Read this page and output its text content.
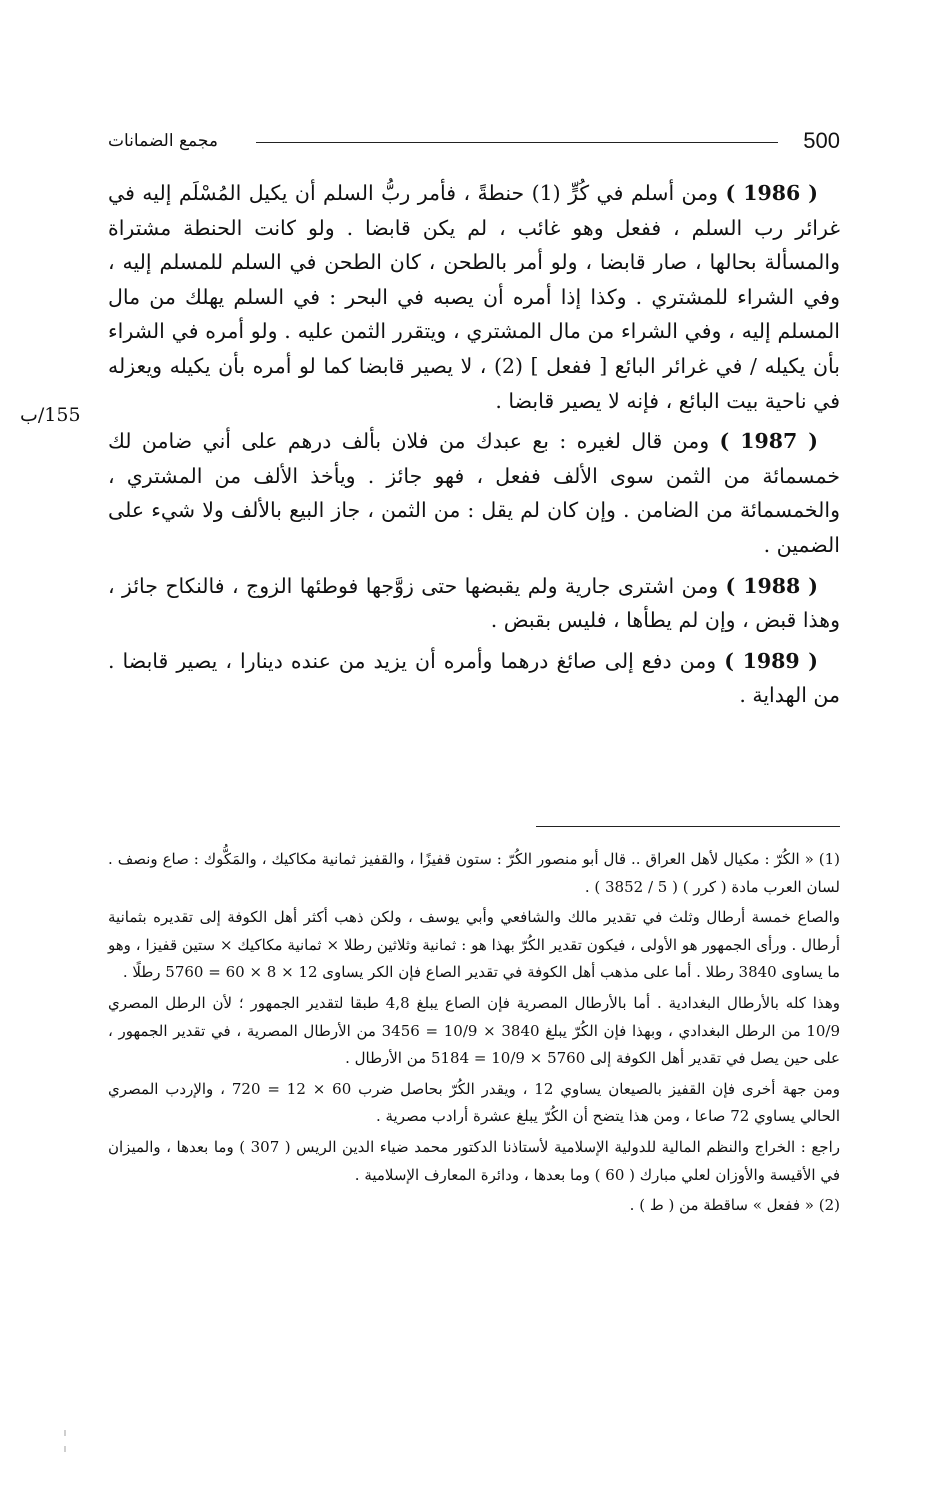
مجمع الضمانات	500
155/ب

( 1986 ) ومن أسلم في كُرٍّ (1) حنطةً ، فأمر ربُّ السلم أن يكيل المُسْلَم إليه في غرائر رب السلم ، ففعل وهو غائب ، لم يكن قابضا . ولو كانت الحنطة مشتراة والمسألة بحالها ، صار قابضا ، ولو أمر بالطحن ، كان الطحن في السلم للمسلم إليه ، وفي الشراء للمشتري . وكذا إذا أمره أن يصبه في البحر : في السلم يهلك من مال المسلم إليه ، وفي الشراء من مال المشتري ، ويتقرر الثمن عليه . ولو أمره في الشراء بأن يكيله / في غرائر البائع [ ففعل ] (2) ، لا يصير قابضا كما لو أمره بأن يكيله ويعزله في ناحية بيت البائع ، فإنه لا يصير قابضا .

( 1987 ) ومن قال لغيره : بع عبدك من فلان بألف درهم على أني ضامن لك خمسمائة من الثمن سوى الألف ففعل ، فهو جائز . ويأخذ الألف من المشتري ، والخمسمائة من الضامن . وإن كان لم يقل : من الثمن ، جاز البيع بالألف ولا شيء على الضمين .

( 1988 ) ومن اشترى جارية ولم يقبضها حتى زوَّجها فوطئها الزوج ، فالنكاح جائز ، وهذا قبض ، وإن لم يطأها ، فليس بقبض .

( 1989 ) ومن دفع إلى صائغ درهما وأمره أن يزيد من عنده دينارا ، يصير قابضا . من الهداية .

(1) « الكُرّ : مكيال لأهل العراق .. قال أبو منصور الكُرّ : ستون قفيزًا ، والقفيز ثمانية مكاكيك ، والمَكُّوك : صاع ونصف . لسان العرب مادة ( كرر ) ( 5 / 3852 ) .

والصاع خمسة أرطال وثلث في تقدير مالك والشافعي وأبي يوسف ، ولكن ذهب أكثر أهل الكوفة إلى تقديره بثمانية أرطال . ورأى الجمهور هو الأولى ، فيكون تقدير الكُرّ بهذا هو : ثمانية وثلاثين رطلا × ثمانية مكاكيك × ستين قفيزا ، وهو ما يساوى 3840 رطلا . أما على مذهب أهل الكوفة في تقدير الصاع فإن الكر يساوى 12 × 8 × 60 = 5760 رطلًا .

وهذا كله بالأرطال البغدادية . أما بالأرطال المصرية فإن الصاع يبلغ 4,8 طبقا لتقدير الجمهور ؛ لأن الرطل المصري 10/9 من الرطل البغدادي ، وبهذا فإن الكُرّ يبلغ 3840 × 10/9 = 3456 من الأرطال المصرية ، في تقدير الجمهور ، على حين يصل في تقدير أهل الكوفة إلى 5760 × 10/9 = 5184 من الأرطال .

ومن جهة أخرى فإن القفيز بالصيعان يساوي 12 ، ويقدر الكُرّ بحاصل ضرب 60 × 12 = 720 ، والإردب المصري الحالي يساوي 72 صاعا ، ومن هذا يتضح أن الكُرّ يبلغ عشرة أرادب مصرية .

راجع : الخراج والنظم المالية للدولية الإسلامية لأستاذنا الدكتور محمد ضياء الدين الريس ( 307 ) وما بعدها ، والميزان في الأقيسة والأوزان لعلي مبارك ( 60 ) وما بعدها ، ودائرة المعارف الإسلامية .

(2) « ففعل » ساقطة من ( ط ) .
